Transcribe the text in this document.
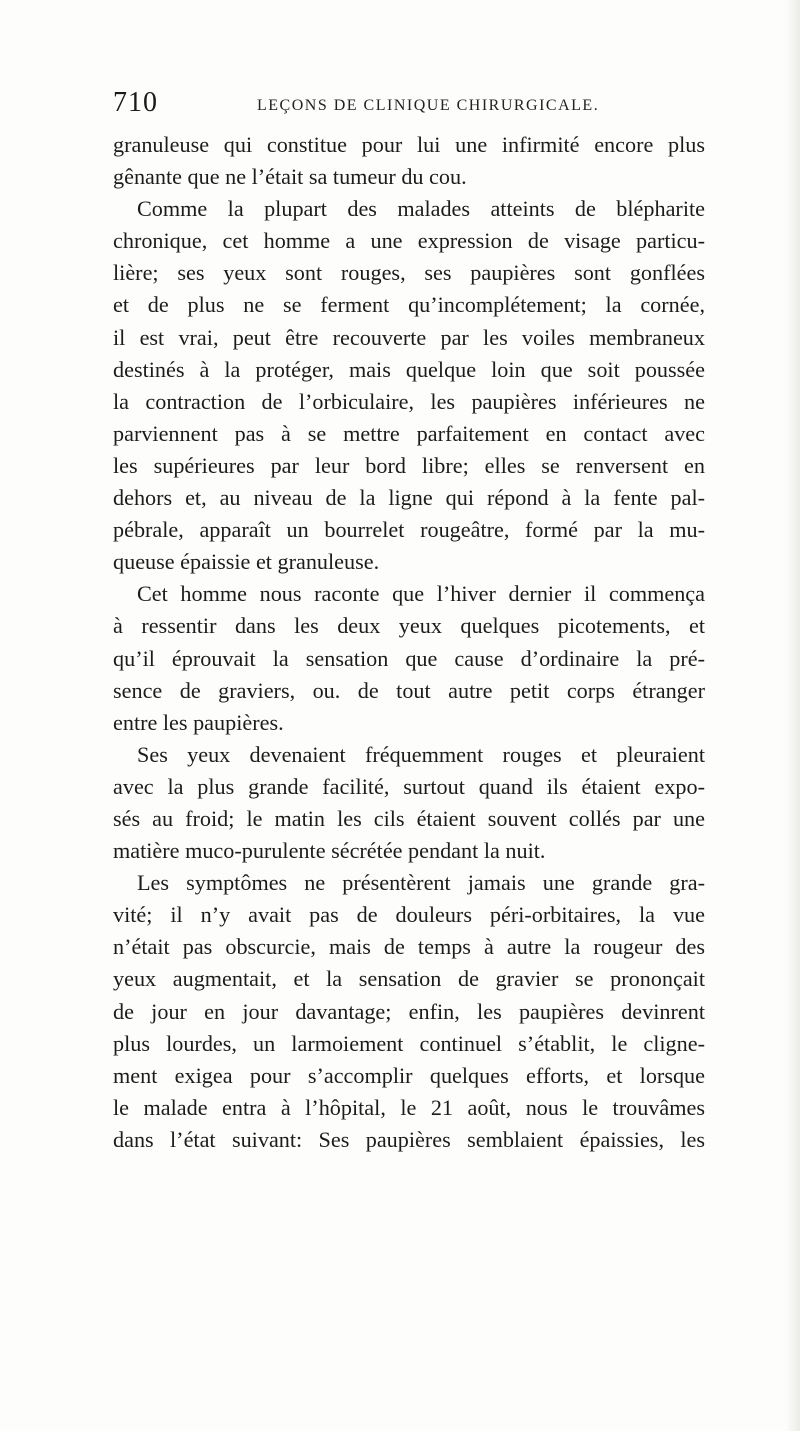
710	LEÇONS DE CLINIQUE CHIRURGICALE.
granuleuse qui constitue pour lui une infirmité encore plus
gênante que ne l’était sa tumeur du cou.
Comme la plupart des malades atteints de blépharite
chronique, cet homme a une expression de visage particu-
lière; ses yeux sont rouges, ses paupières sont gonflées
et de plus ne se ferment qu’incomplétement; la cornée,
il est vrai, peut être recouverte par les voiles membraneux
destinés à la protéger, mais quelque loin que soit poussée
la contraction de l’orbiculaire, les paupières inférieures ne
parviennent pas à se mettre parfaitement en contact avec
les supérieures par leur bord libre; elles se renversent en
dehors et, au niveau de la ligne qui répond à la fente pal-
pébrale, apparaît un bourrelet rougeâtre, formé par la mu-
queuse épaissie et granuleuse.
Cet homme nous raconte que l’hiver dernier il commença
à ressentir dans les deux yeux quelques picotements, et
qu’il éprouvait la sensation que cause d’ordinaire la pré-
sence de graviers, ou. de tout autre petit corps étranger
entre les paupières.
Ses yeux devenaient fréquemment rouges et pleuraient
avec la plus grande facilité, surtout quand ils étaient expo-
sés au froid; le matin les cils étaient souvent collés par une
matière muco-purulente sécrétée pendant la nuit.
Les symptômes ne présentèrent jamais une grande gra-
vité; il n’y avait pas de douleurs péri-orbitaires, la vue
n’était pas obscurcie, mais de temps à autre la rougeur des
yeux augmentait, et la sensation de gravier se prononçait
de jour en jour davantage; enfin, les paupières devinrent
plus lourdes, un larmoiement continuel s’établit, le cligne-
ment exigea pour s’accomplir quelques efforts, et lorsque
le malade entra à l’hôpital, le 21 août, nous le trouvâmes
dans l’état suivant: Ses paupières semblaient épaissies, les
